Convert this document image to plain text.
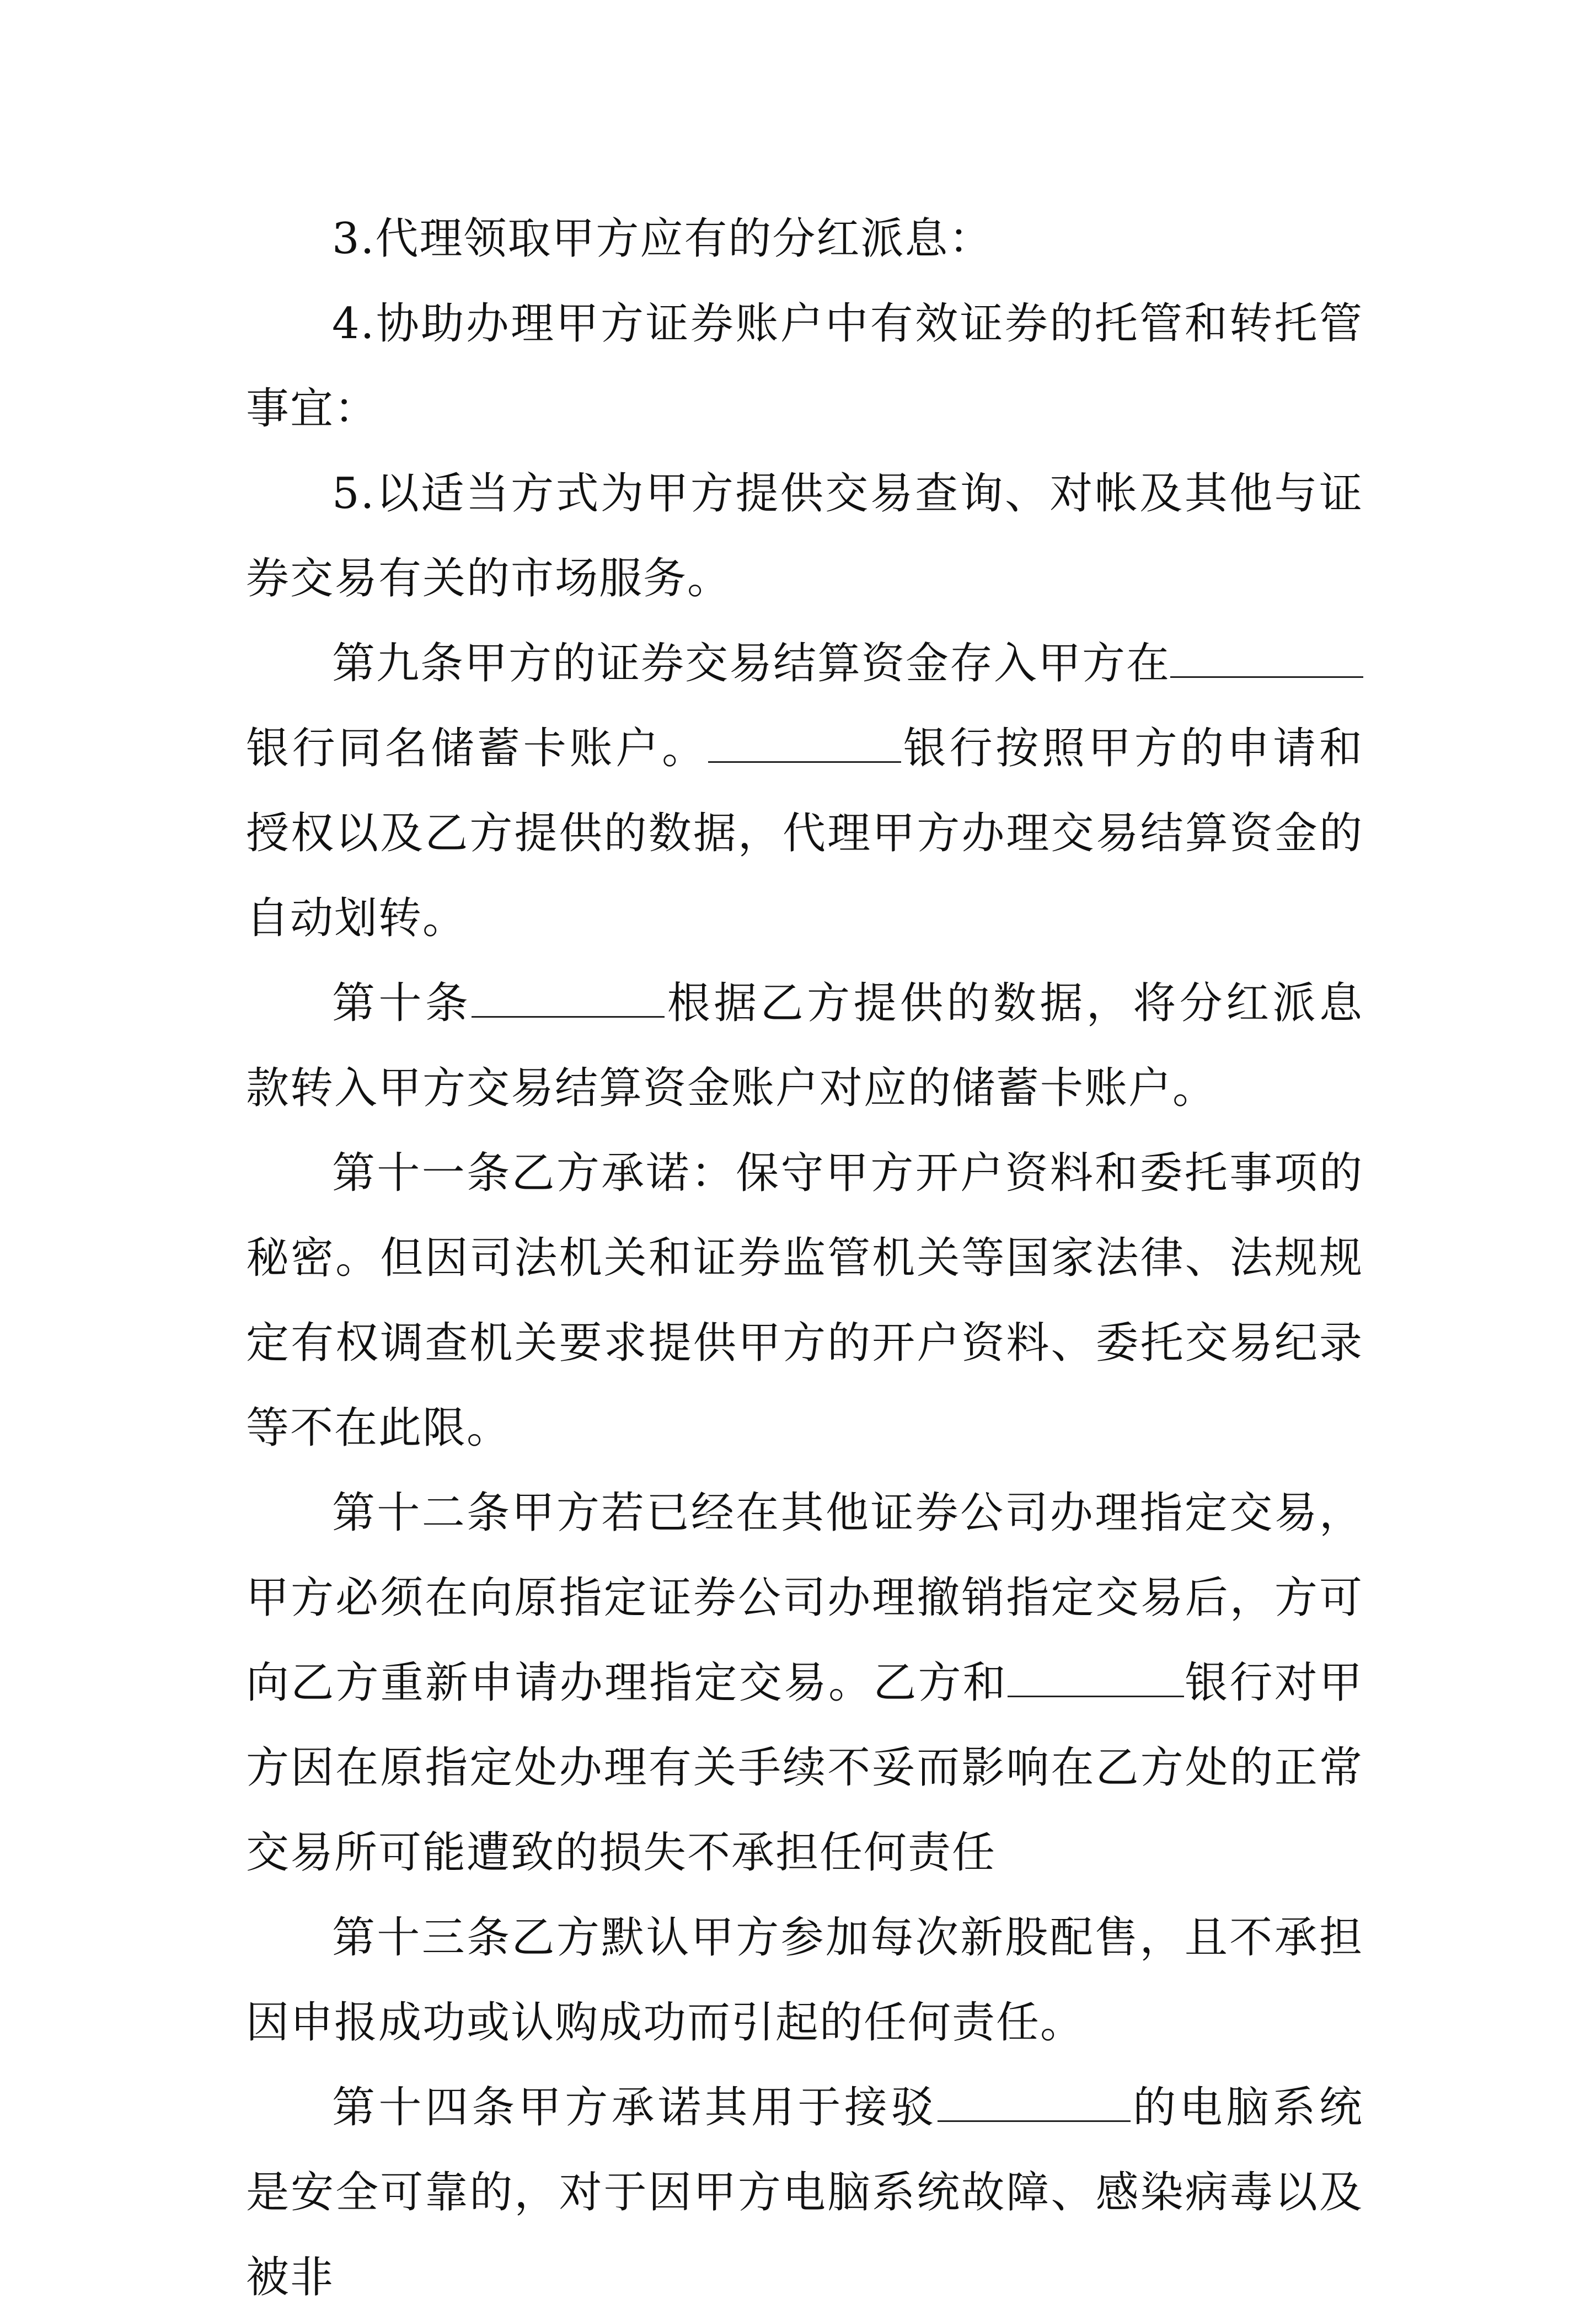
3.代理领取甲方应有的分红派息：

4.协助办理甲方证券账户中有效证券的托管和转托管事宜：

5.以适当方式为甲方提供交易查询、对帐及其他与证券交易有关的市场服务。

第九条甲方的证券交易结算资金存入甲方在银行同名储蓄卡账户。	银行按照甲方的申请和授权以及乙方提供的数据，代理甲方办理交易结算资金的自动划转。

第十条	根据乙方提供的数据，将分红派息款转入甲方交易结算资金账户对应的储蓄卡账户。

第十一条乙方承诺：保守甲方开户资料和委托事项的秘密。但因司法机关和证券监管机关等国家法律、法规规定有权调查机关要求提供甲方的开户资料、委托交易纪录等不在此限。

第十二条甲方若已经在其他证券公司办理指定交易，甲方必须在向原指定证券公司办理撤销指定交易后，方可向乙方重新申请办理指定交易。乙方和	银行对甲方因在原指定处办理有关手续不妥而影响在乙方处的正常交易所可能遭致的损失不承担任何责任

第十三条乙方默认甲方参加每次新股配售，且不承担因申报成功或认购成功而引起的任何责任。

第十四条甲方承诺其用于接驳	的电脑系统是安全可靠的，对于因甲方电脑系统故障、感染病毒以及被非
